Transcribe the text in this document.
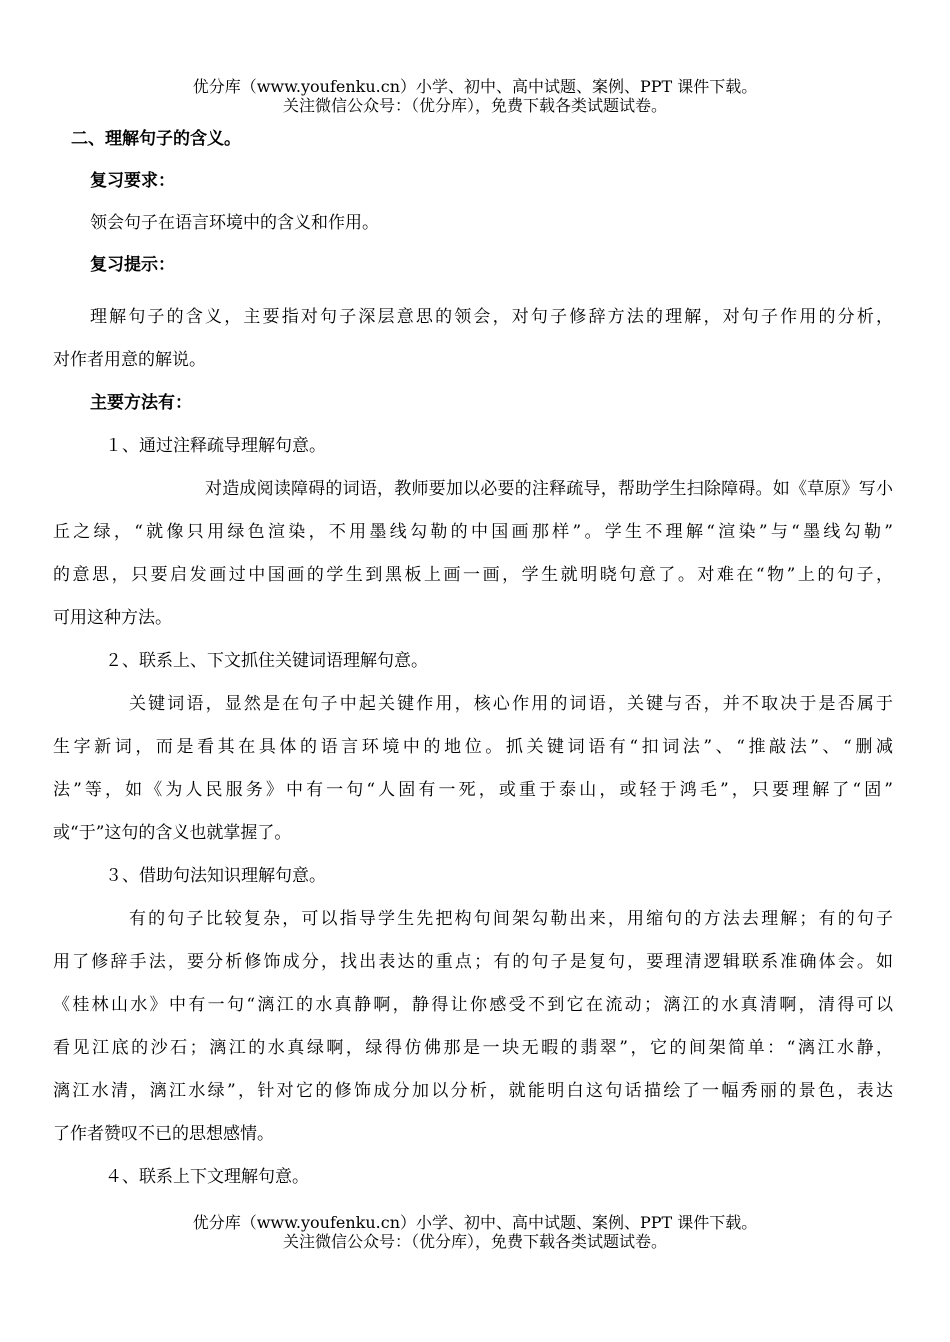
优分库（www.youfenku.cn）小学、初中、高中试题、案例、PPT 课件下载。
关注微信公众号：（优分库），免费下载各类试题试卷。
二、理解句子的含义。
复习要求：
领会句子在语言环境中的含义和作用。
复习提示：
理解句子的含义，主要指对句子深层意思的领会，对句子修辞方法的理解，对句子作用的分析，
对作者用意的解说。
主要方法有：
１、通过注释疏导理解句意。
对造成阅读障碍的词语，教师要加以必要的注释疏导，帮助学生扫除障碍。如《草原》写小
丘之绿，“就像只用绿色渲染，不用墨线勾勒的中国画那样”。学生不理解“渲染”与“墨线勾勒”
的意思，只要启发画过中国画的学生到黑板上画一画，学生就明晓句意了。对难在“物”上的句子，
可用这种方法。
２、联系上、下文抓住关键词语理解句意。
关键词语，显然是在句子中起关键作用，核心作用的词语，关键与否，并不取决于是否属于
生字新词，而是看其在具体的语言环境中的地位。抓关键词语有“扣词法”、“推敲法”、“删减
法”等，如《为人民服务》中有一句“人固有一死，或重于泰山，或轻于鸿毛”，只要理解了“固”
或“于”这句的含义也就掌握了。
３、借助句法知识理解句意。
有的句子比较复杂，可以指导学生先把构句间架勾勒出来，用缩句的方法去理解；有的句子
用了修辞手法，要分析修饰成分，找出表达的重点；有的句子是复句，要理清逻辑联系准确体会。如
《桂林山水》中有一句“漓江的水真静啊，静得让你感受不到它在流动；漓江的水真清啊，清得可以
看见江底的沙石；漓江的水真绿啊，绿得仿佛那是一块无暇的翡翠”，它的间架简单：“漓江水静，
漓江水清，漓江水绿”，针对它的修饰成分加以分析，就能明白这句话描绘了一幅秀丽的景色，表达
了作者赞叹不已的思想感情。
４、联系上下文理解句意。
优分库（www.youfenku.cn）小学、初中、高中试题、案例、PPT 课件下载。
关注微信公众号：（优分库），免费下载各类试题试卷。
